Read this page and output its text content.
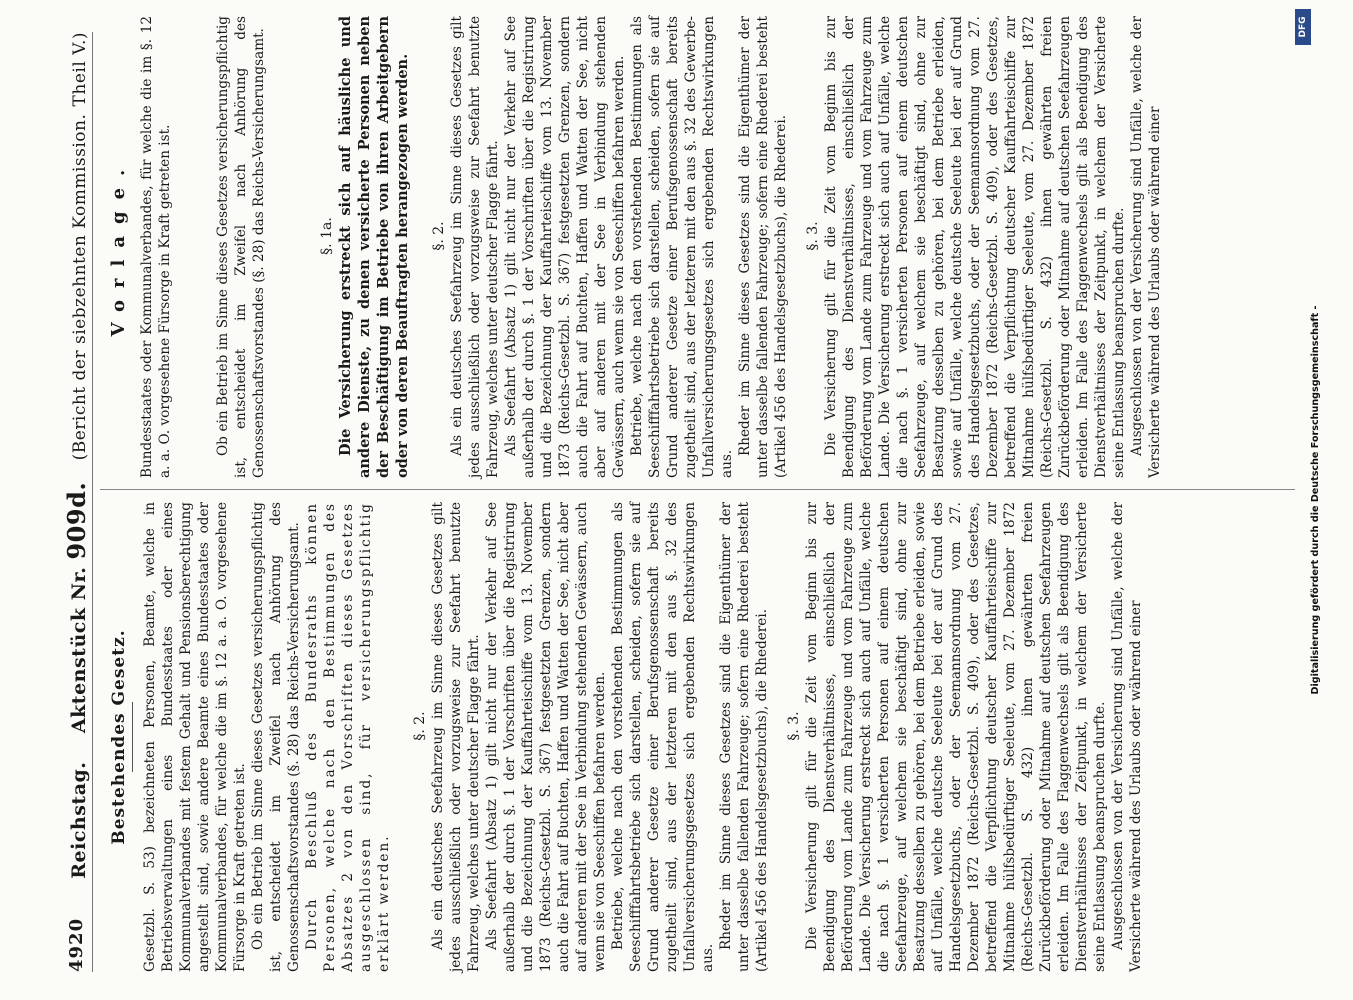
4920
Reichstag.    Aktenstück Nr. 909d.   (Bericht der siebzehnten Kommission. Theil V.)
Bestehendes Gesetz. Gesetzbl. S. 53) bezeichneten Personen, Beamte, welche in Betriebsverwaltungen eines Bundesstaates oder eines Kommunalverbandes mit festem Gehalt und Pensionsberechtigung angestellt sind, sowie andere Beamte eines Bundesstaates oder Kommunalverbandes, für welche die im §. 12 a. a. O. vorgesehene Fürsorge in Kraft getreten ist. Ob ein Betrieb im Sinne dieses Gesetzes versicherungspflichtig ist, entscheidet im Zweifel nach Anhörung des Genossenschaftsvorstandes (§. 28) das Reichs-Versicherungsamt. Durch Beschluß des Bundesraths können Personen, welche nach den Bestimmungen des Absatzes 2 von den Vorschriften dieses Gesetzes ausgeschlossen sind, für versicherungspflichtig erklärt werden.

§. 2. Als ein deutsches Seefahrzeug im Sinne dieses Gesetzes gilt jedes ausschließlich oder vorzugsweise zur Seefahrt benutzte Fahrzeug, welches unter deutscher Flagge fährt. Als Seefahrt (Absatz 1) gilt nicht nur der Verkehr auf See außerhalb der durch §. 1 der Vorschriften über die Registrirung und die Bezeichnung der Kauffahrteischiffe vom 13. November 1873 (Reichs-Gesetzbl. S. 367) festgesetzten Grenzen, sondern auch die Fahrt auf Buchten, Haffen und Watten der See, nicht aber auf anderen mit der See in Verbindung stehenden Gewässern, auch wenn sie von Seeschiffen befahren werden. Betriebe, welche nach den vorstehenden Bestimmungen als Seeschifffahrtsbetriebe sich darstellen, scheiden, sofern sie auf Grund anderer Gesetze einer Berufsgenossenschaft bereits zugetheilt sind, aus der letzteren mit den aus §. 32 des Unfallversicherungsgesetzes sich ergebenden Rechtswirkungen aus.

Rheder im Sinne dieses Gesetzes sind die Eigenthümer der unter dasselbe fallenden Fahrzeuge; sofern eine Rhederei besteht (Artikel 456 des Handelsgesetzbuchs), die Rhederei. §. 3. Die Versicherung gilt für die Zeit vom Beginn bis zur Beendigung des Dienstverhältnisses, einschließlich der Beförderung vom Lande zum Fahrzeuge und vom Fahrzeuge zum Lande. Die Versicherung erstreckt sich auch auf Unfälle, welche die nach §. 1 versicherten Personen auf einem deutschen Seefahrzeuge, auf welchem sie beschäftigt sind, ohne zur Besatzung desselben zu gehören, bei dem Betriebe erleiden, sowie auf Unfälle, welche deutsche Seeleute bei der auf Grund des Handelsgesetzbuchs, oder der Seemannsordnung vom 27. Dezember 1872 (Reichs-Gesetzbl. S. 409), oder des Gesetzes, betreffend die Verpflichtung deutscher Kauffahrteischiffe zur Mitnahme hülfsbedürftiger Seeleute, vom 27. Dezember 1872 (Reichs-Gesetzbl. S. 432) ihnen gewährten freien Zurückbeförderung oder Mitnahme auf deutschen Seefahrzeugen erleiden. Im Falle des Flaggenwechsels gilt als Beendigung des Dienstverhältnisses der Zeitpunkt, in welchem der Versicherte seine Entlassung beanspruchen durfte. Ausgeschlossen von der Versicherung sind Unfälle, welche der Versicherte während des Urlaubs oder während einer

Vorlage. Bundesstaates oder Kommunalverbandes, für welche die im §. 12 a. a. O. vorgesehene Fürsorge in Kraft getreten ist.	Ob ein Betrieb im Sinne dieses Gesetzes versicherungspflichtig ist, entscheidet im Zweifel nach Anhörung des Genossenschaftsvorstandes (§. 28) das Reichs-Versicherungsamt.	§. 1a. Die Versicherung erstreckt sich auf häusliche und andere Dienste, zu denen versicherte Personen neben der Beschäftigung im Betriebe von ihren Arbeitgebern oder von deren Beauftragten herangezogen werden. §. 2. Als ein deutsches Seefahrzeug im Sinne dieses Gesetzes gilt jedes ausschließlich oder vorzugsweise zur Seefahrt benutzte Fahrzeug, welches unter deutscher Flagge fährt. Als Seefahrt (Absatz 1) gilt nicht nur der Verkehr auf See außerhalb der durch §. 1 der Vorschriften über die Registrirung und die Bezeichnung der Kauffahrteischiffe vom 13. November 1873 (Reichs-Gesetzbl. S. 367) festgesetzten Grenzen, sondern auch die Fahrt auf Buchten, Haffen und Watten der See, nicht aber auf anderen mit der See in Verbindung stehenden Gewässern, auch wenn sie von Seeschiffen befahren werden. Betriebe, welche nach den vorstehenden Bestimmungen als Seeschifffahrtsbetriebe sich darstellen, scheiden, sofern sie auf Grund anderer Gesetze einer Berufsgenossenschaft bereits zugetheilt sind, aus der letzteren mit den aus §. 32 des Gewerbe-Unfallversicherungsgesetzes sich ergebenden Rechtswirkungen aus.

Rheder im Sinne dieses Gesetzes sind die Eigenthümer der unter dasselbe fallenden Fahrzeuge; sofern eine Rhederei besteht (Artikel 456 des Handelsgesetzbuchs), die Rhederei. §. 3. Die Versicherung gilt für die Zeit vom Beginn bis zur Beendigung des Dienstverhältnisses, einschließlich der Beförderung vom Lande zum Fahrzeuge und vom Fahrzeuge zum Lande. Die Versicherung erstreckt sich auch auf Unfälle, welche die nach §. 1 versicherten Personen auf einem deutschen Seefahrzeuge, auf welchem sie beschäftigt sind, ohne zur Besatzung desselben zu gehören, bei dem Betriebe erleiden, sowie auf Unfälle, welche deutsche Seeleute bei der auf Grund des Handelsgesetzbuchs, oder der Seemannsordnung vom 27. Dezember 1872 (Reichs-Gesetzbl. S. 409), oder des Gesetzes, betreffend die Verpflichtung deutscher Kauffahrteischiffe zur Mitnahme hülfsbedürftiger Seeleute, vom 27. Dezember 1872 (Reichs-Gesetzbl. S. 432) ihnen gewährten freien Zurückbeförderung oder Mitnahme auf deutschen Seefahrzeugen erleiden. Im Falle des Flaggenwechsels gilt als Beendigung des Dienstverhältnisses der Zeitpunkt, in welchem der Versicherte seine Entlassung beanspruchen durfte. Ausgeschlossen von der Versicherung sind Unfälle, welche der Versicherte während des Urlaubs oder während einer

Digitalisierung gefördert durch die Deutsche Forschungsgemeinschaft -
DFG
